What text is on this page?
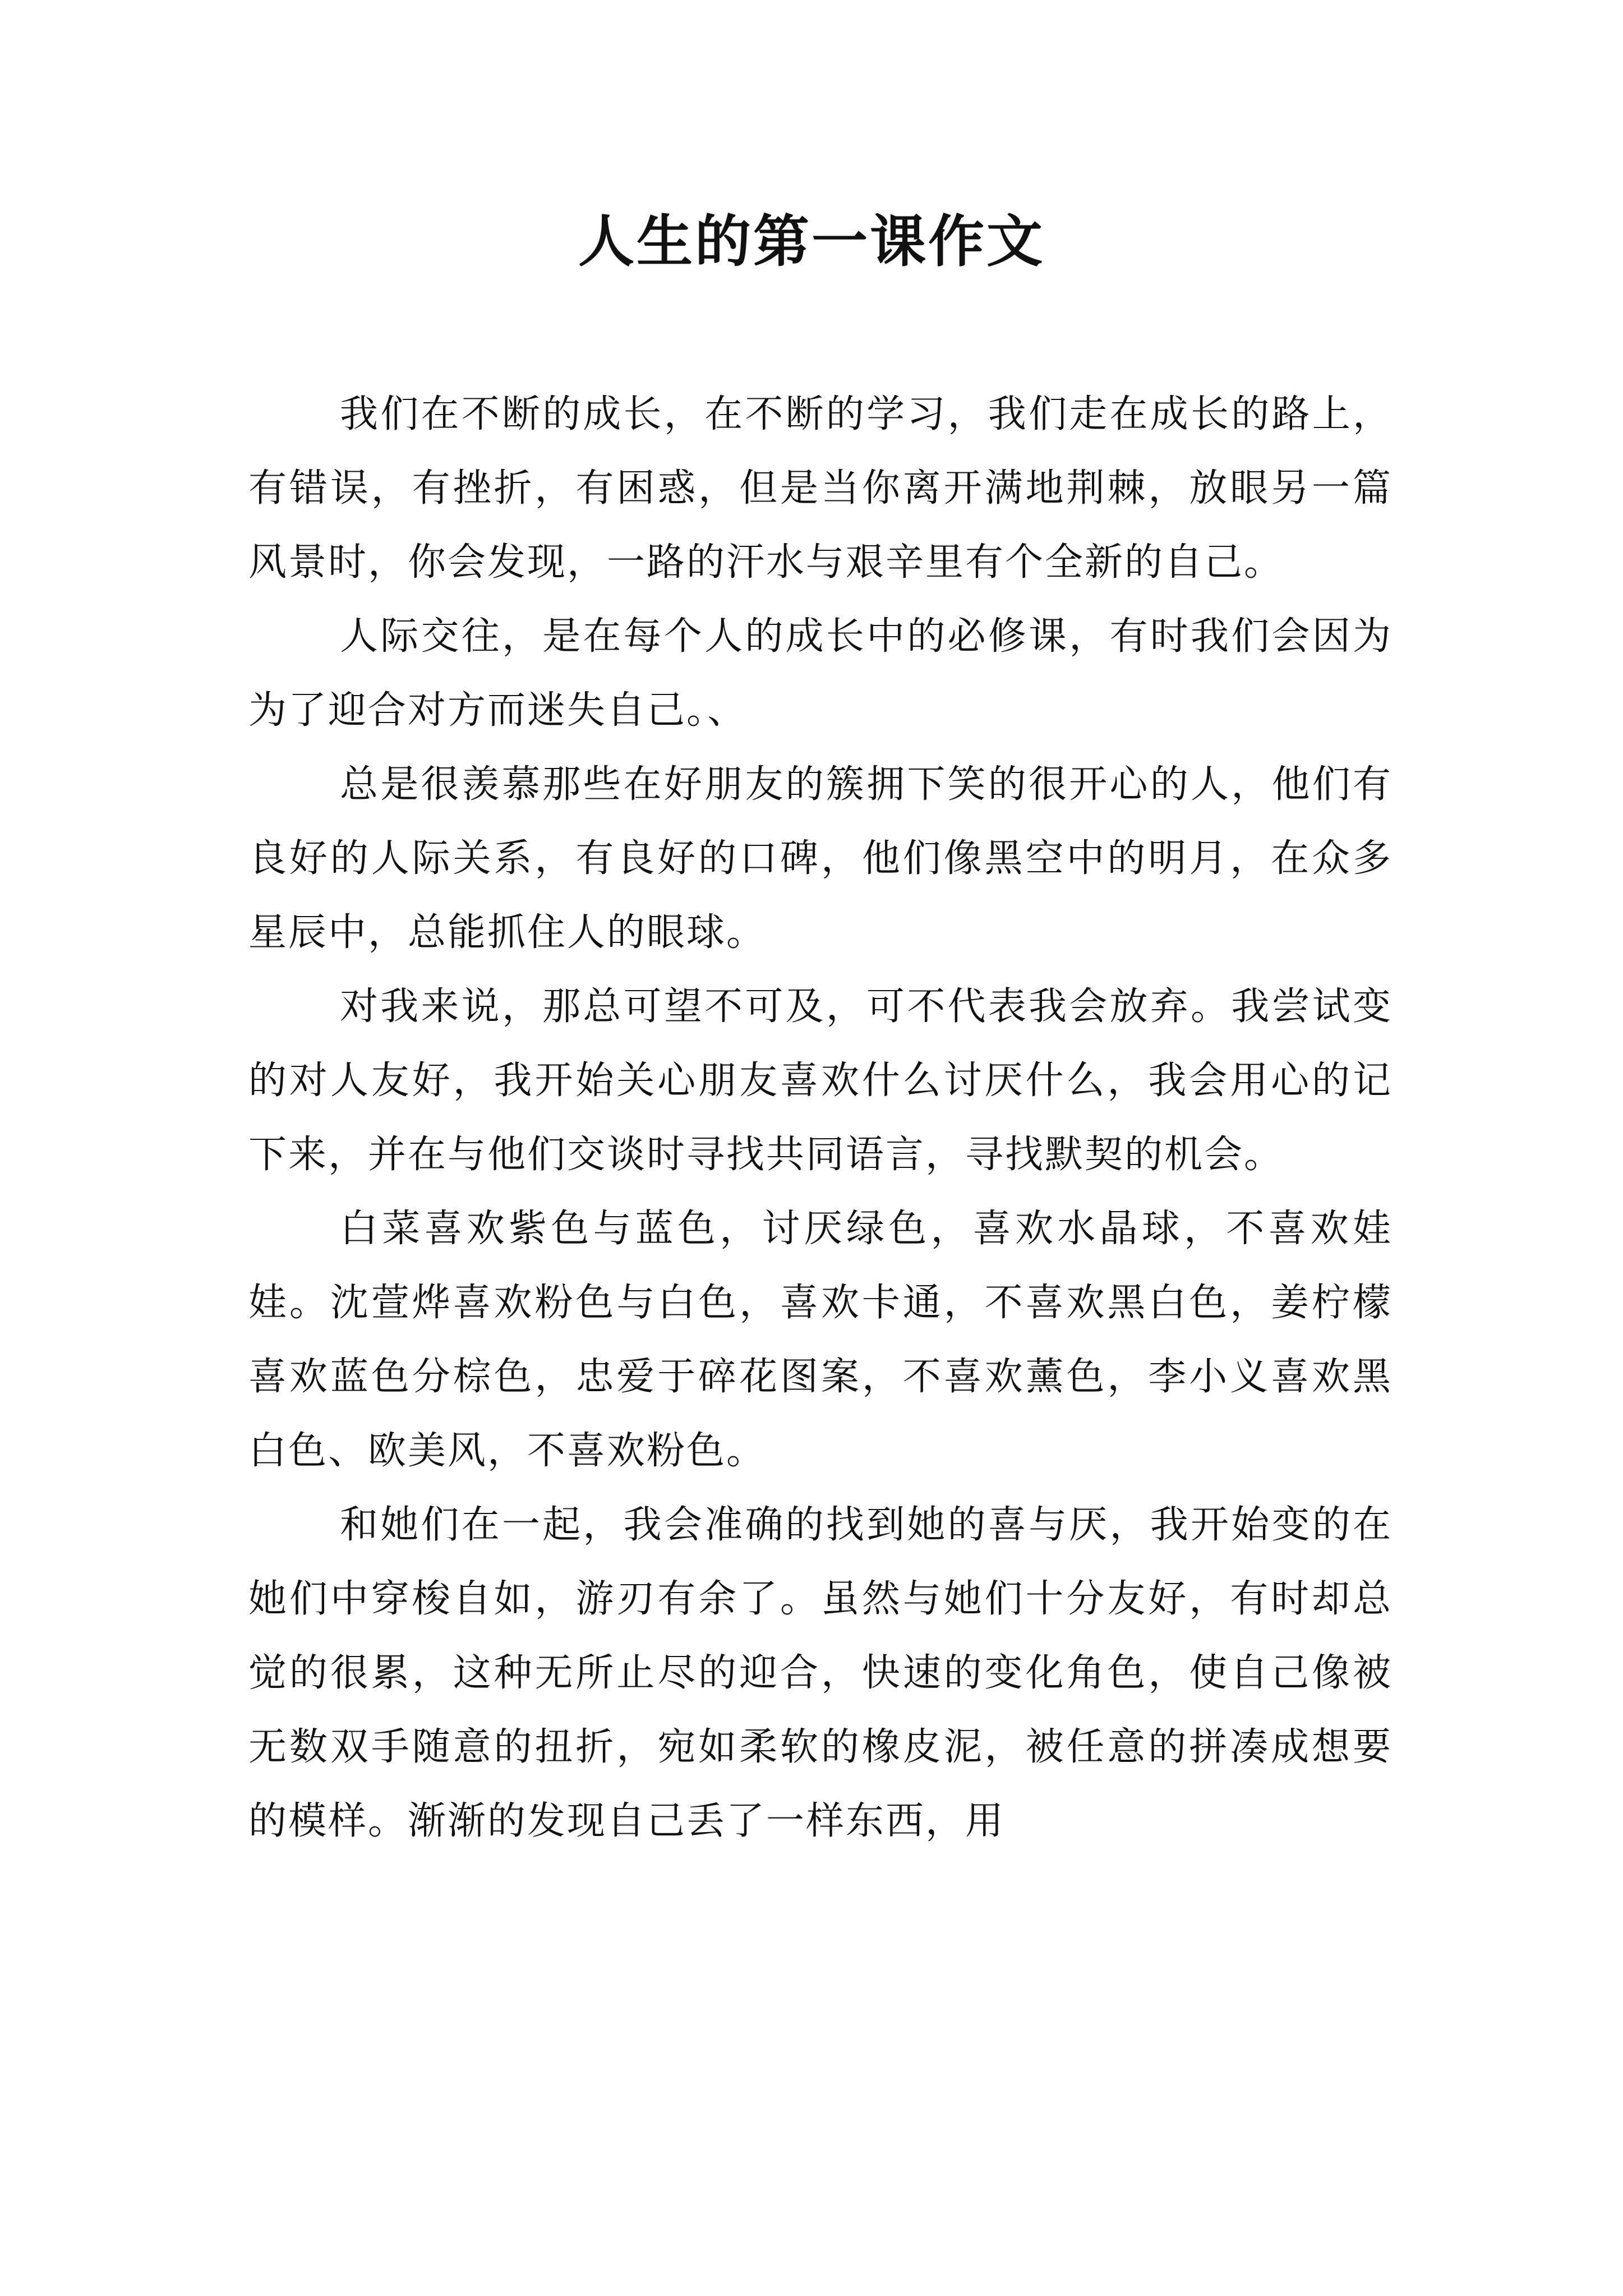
人生的第一课作文

我们在不断的成长，在不断的学习，我们走在成长的路上，有错误，有挫折，有困惑，但是当你离开满地荆棘，放眼另一篇风景时，你会发现，一路的汗水与艰辛里有个全新的自己。

人际交往，是在每个人的成长中的必修课，有时我们会因为为了迎合对方而迷失自己。、

总是很羡慕那些在好朋友的簇拥下笑的很开心的人，他们有良好的人际关系，有良好的口碑，他们像黑空中的明月，在众多星辰中，总能抓住人的眼球。

对我来说，那总可望不可及，可不代表我会放弃。我尝试变的对人友好，我开始关心朋友喜欢什么讨厌什么，我会用心的记下来，并在与他们交谈时寻找共同语言，寻找默契的机会。

白菜喜欢紫色与蓝色，讨厌绿色，喜欢水晶球，不喜欢娃娃。沈萱烨喜欢粉色与白色，喜欢卡通，不喜欢黑白色，姜柠檬喜欢蓝色分棕色，忠爱于碎花图案，不喜欢薰色，李小义喜欢黑白色、欧美风，不喜欢粉色。

和她们在一起，我会准确的找到她的喜与厌，我开始变的在她们中穿梭自如，游刃有余了。虽然与她们十分友好，有时却总觉的很累，这种无所止尽的迎合，快速的变化角色，使自己像被无数双手随意的扭折，宛如柔软的橡皮泥，被任意的拼凑成想要的模样。渐渐的发现自己丢了一样东西，用
